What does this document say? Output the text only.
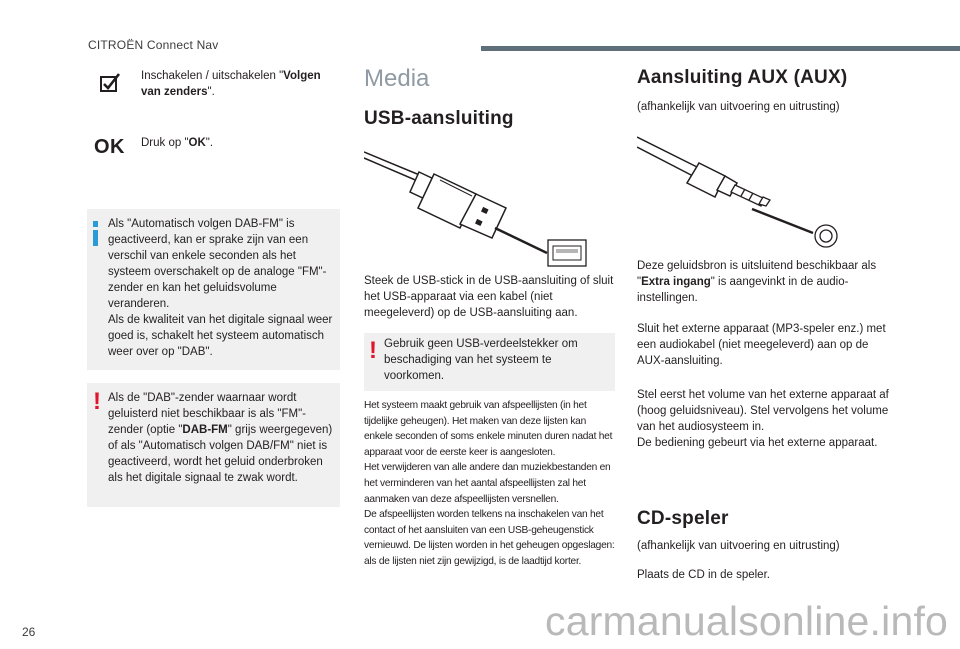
CITROËN Connect Nav
Inschakelen / uitschakelen "Volgen van zenders".
OK Druk op "OK".
Als "Automatisch volgen DAB-FM" is geactiveerd, kan er sprake zijn van een verschil van enkele seconden als het systeem overschakelt op de analoge "FM"-zender en kan het geluidsvolume veranderen.
Als de kwaliteit van het digitale signaal weer goed is, schakelt het systeem automatisch weer over op "DAB".
! Als de "DAB"-zender waarnaar wordt geluisterd niet beschikbaar is als "FM"-zender (optie "DAB-FM" grijs weergegeven) of als "Automatisch volgen DAB/FM" niet is geactiveerd, wordt het geluid onderbroken als het digitale signaal te zwak wordt.
Media
USB-aansluiting
Steek de USB-stick in de USB-aansluiting of sluit het USB-apparaat via een kabel (niet meegeleverd) op de USB-aansluiting aan.
! Gebruik geen USB-verdeelstekker om beschadiging van het systeem te voorkomen.
Het systeem maakt gebruik van afspeellijsten (in het tijdelijke geheugen). Het maken van deze lijsten kan enkele seconden of soms enkele minuten duren nadat het apparaat voor de eerste keer is aangesloten.
Het verwijderen van alle andere dan muziekbestanden en het verminderen van het aantal afspeellijsten zal het aanmaken van deze afspeellijsten versnellen.
De afspeellijsten worden telkens na inschakelen van het contact of het aansluiten van een USB-geheugenstick vernieuwd. De lijsten worden in het geheugen opgeslagen: als de lijsten niet zijn gewijzigd, is de laadtijd korter.
Aansluiting AUX (AUX)
(afhankelijk van uitvoering en uitrusting)
Deze geluidsbron is uitsluitend beschikbaar als "Extra ingang" is aangevinkt in de audio-instellingen.
Sluit het externe apparaat (MP3-speler enz.) met een audiokabel (niet meegeleverd) aan op de AUX-aansluiting.
Stel eerst het volume van het externe apparaat af (hoog geluidsniveau). Stel vervolgens het volume van het audiosysteem in.
De bediening gebeurt via het externe apparaat.
CD-speler
(afhankelijk van uitvoering en uitrusting)
Plaats de CD in de speler.
26	carmanualsonline.info
